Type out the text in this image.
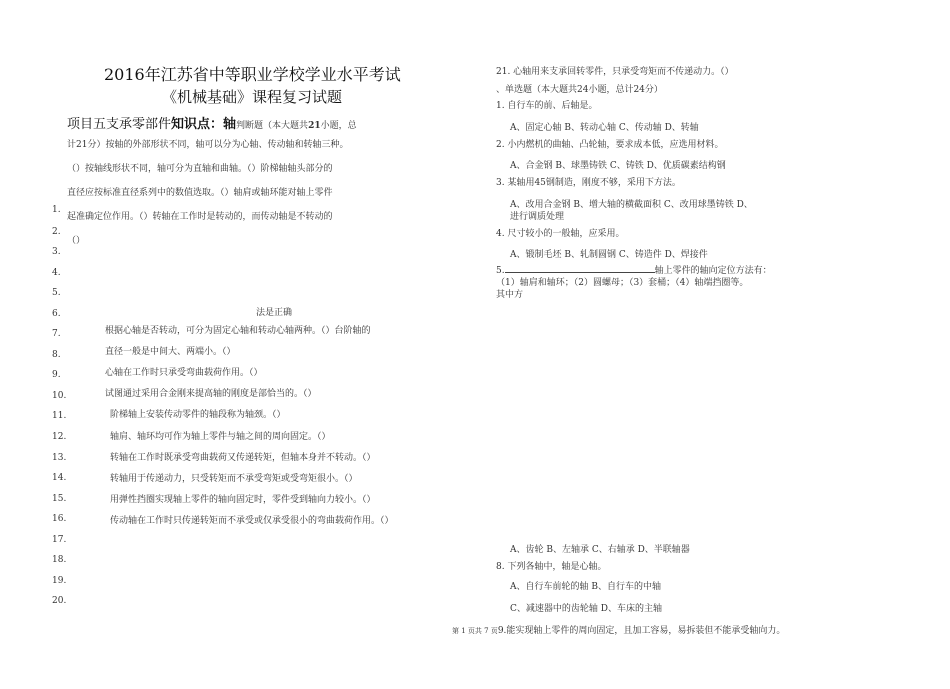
2016年江苏省中等职业学校学业水平考试
《机械基础》课程复习试题
项目五支承零部件知识点：轴判断题（本大题共21小题，总
计21分）按轴的外部形状不同，轴可以分为心轴、传动轴和转轴三种。
（）按轴线形状不同，轴可分为直轴和曲轴。（）阶梯轴轴头部分的
直径应按标准直径系列中的数值选取。（）轴肩或轴环能对轴上零件
起准确定位作用。（）转轴在工作时是转动的，而传动轴是不转动的
（）
1.
2.
3.
4.
5.
6.
7.
8.
9.
10.
11.
12.
13.
14.
15.
16.
17.
18.
19.
20.
法是正确
根据心轴是否转动，可分为固定心轴和转动心轴两种。（）台阶轴的
直径一般是中间大、两端小。（）
心轴在工作时只承受弯曲载荷作用。（）
试图通过采用合金刚来提高轴的刚度是部恰当的。（）
阶梯轴上安装传动零件的轴段称为轴颈。（）
轴肩、轴环均可作为轴上零件与轴之间的周向固定。（）
转轴在工作时既承受弯曲载荷又传递转矩，但轴本身并不转动。（）
转轴用于传递动力，只受转矩而不承受弯矩或受弯矩很小。（）
用弹性挡圈实现轴上零件的轴向固定时，零件受到轴向力较小。（）
传动轴在工作时只传递转矩而不承受或仅承受很小的弯曲载荷作用。（）
21. 心轴用来支承回转零件，只承受弯矩而不传递动力。（）
、单选题（本大题共24小题，总计24分）
1. 自行车的前、后轴是。
A、固定心轴 B、转动心轴 C、传动轴 D、转轴
2. 小内燃机的曲轴、凸轮轴，要求成本低，应选用材料。
A、合金钢 B、球墨铸铁 C、铸铁 D、优质碳素结构钢
3. 某轴用45钢制造，刚度不够，采用下方法。
A、改用合金钢 B、增大轴的横截面积 C、改用球墨铸铁 D、
进行调质处理
4. 尺寸较小的一般轴，应采用。
A、锻制毛坯 B、轧制圆钢 C、铸造件 D、焊接件
5.	轴上零件的轴向定位方法有：
（1）轴肩和轴环；（2）圆螺母；（3）套桶；（4）轴端挡圈等。
其中方
A、齿轮 B、左轴承 C、右轴承 D、半联轴器
8. 下列各轴中，轴是心轴。
A、自行车前轮的轴 B、自行车的中轴
C、减速器中的齿轮轴 D、车床的主轴
第 1 页共 7 页9.能实现轴上零件的周向固定，且加工容易，易拆装但不能承受轴向力。
